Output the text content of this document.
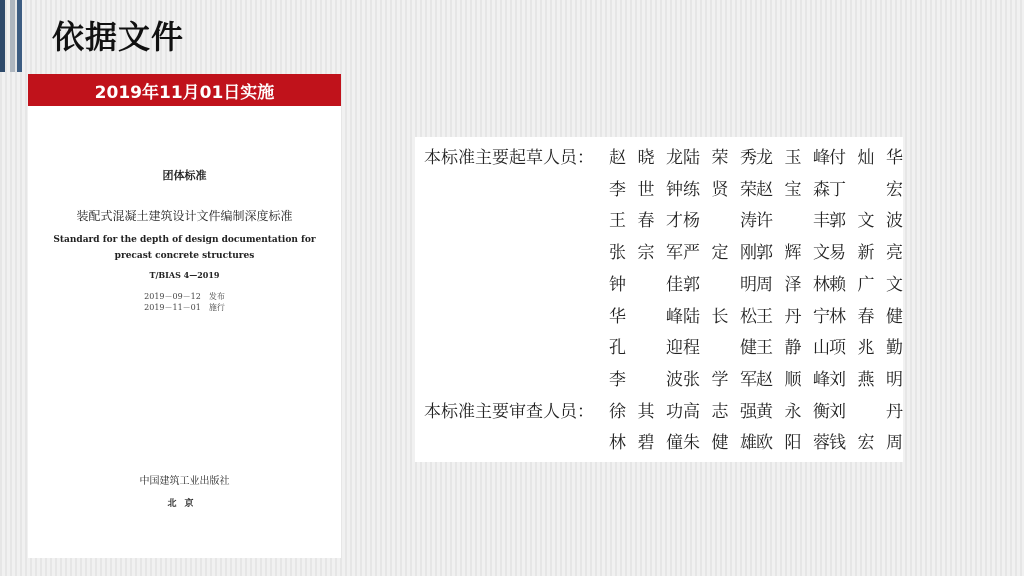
依据文件
2019年11月01日实施
团体标准
装配式混凝土建筑设计文件编制深度标准
Standard for the depth of design documentation for
precast concrete structures
T/BIAS 4—2019
2019－09－12　发布
2019－11－01　施行
中国建筑工业出版社
北京
本标准主要起草人员： 赵晓龙 陆荣秀 龙玉峰 付灿华
李世钟 练贤荣 赵宝森 丁宏
王春才 杨涛 许丰 郭文波
张宗军 严定刚 郭辉文 易新亮
钟佳 郭明 周泽林 赖广文
华峰 陆长松 王丹宁 林春健
孔迎 程健 王静山 项兆勤
李波 张学军 赵顺峰 刘燕明
本标准主要审查人员： 徐其功 高志强 黄永衡 刘丹
林碧僮 朱健雄 欧阳蓉 钱宏周
